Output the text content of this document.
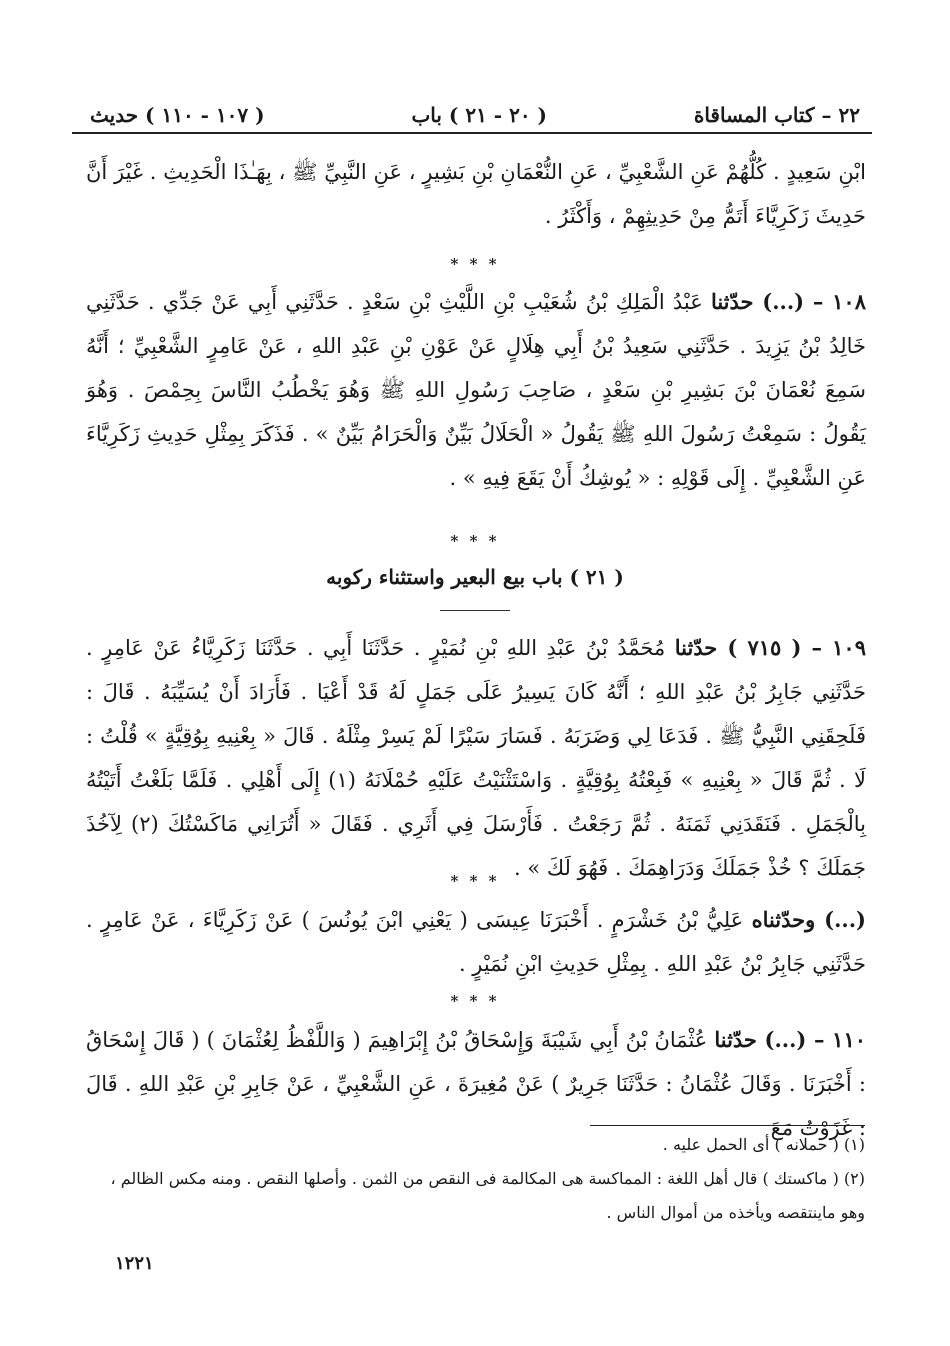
٢٢ – كتاب المساقاة
( ٢٠ - ٢١ ) باب
( ١٠٧ - ١١٠ ) حديث
ابْنِ سَعِيدٍ . كُلُّهُمْ عَنِ الشَّعْبِيِّ ، عَنِ النُّعْمَانِ بْنِ بَشِيرٍ ، عَنِ النَّبِيِّ ﷺ ، بِهَـٰذَا الْحَدِيثِ . غَيْرَ أَنَّ حَدِيثَ زَكَرِيَّاءَ أَتَمُّ مِنْ حَدِيثِهِمْ ، وَأَكْثَرُ .
* * *
١٠٨ – (...) حدّثنا عَبْدُ الْمَلِكِ بْنُ شُعَيْبِ بْنِ اللَّيْثِ بْنِ سَعْدٍ . حَدَّثَنِي أَبِي عَنْ جَدِّي . حَدَّثَنِي خَالِدُ بْنُ يَزِيدَ . حَدَّثَنِي سَعِيدُ بْنُ أَبِي هِلَالٍ عَنْ عَوْنِ بْنِ عَبْدِ اللهِ ، عَنْ عَامِرٍ الشَّعْبِيِّ ؛ أَنَّهُ سَمِعَ نُعْمَانَ بْنَ بَشِيرِ بْنِ سَعْدٍ ، صَاحِبَ رَسُولِ اللهِ ﷺ وَهُوَ يَخْطُبُ النَّاسَ بِحِمْصَ . وَهُوَ يَقُولُ : سَمِعْتُ رَسُولَ اللهِ ﷺ يَقُولُ « الْحَلَالُ بَيِّنٌ وَالْحَرَامُ بَيِّنٌ » . فَذَكَرَ بِمِثْلِ حَدِيثِ زَكَرِيَّاءَ عَنِ الشَّعْبِيِّ . إِلَى قَوْلِهِ : « يُوشِكُ أَنْ يَقَعَ فِيهِ » .
* * *
( ٢١ ) باب بيع البعير واستثناء ركوبه
١٠٩ – ( ٧١٥ ) حدّثنا مُحَمَّدُ بْنُ عَبْدِ اللهِ بْنِ نُمَيْرٍ . حَدَّثَنَا أَبِي . حَدَّثَنَا زَكَرِيَّاءُ عَنْ عَامِرٍ . حَدَّثَنِي جَابِرُ بْنُ عَبْدِ اللهِ ؛ أَنَّهُ كَانَ يَسِيرُ عَلَى جَمَلٍ لَهُ قَدْ أَعْيَا . فَأَرَادَ أَنْ يُسَيِّبَهُ . قَالَ : فَلَحِقَنِي النَّبِيُّ ﷺ . فَدَعَا لِي وَضَرَبَهُ . فَسَارَ سَيْرًا لَمْ يَسِرْ مِثْلَهُ . قَالَ « بِعْنِيهِ بِوُقِيَّةٍ » قُلْتُ : لَا . ثُمَّ قَالَ « بِعْنِيهِ » فَبِعْتُهُ بِوُقِيَّةٍ . وَاسْتَثْنَيْتُ عَلَيْهِ حُمْلَانَهُ (١) إِلَى أَهْلِي . فَلَمَّا بَلَغْتُ أَتَيْتُهُ بِالْجَمَلِ . فَنَقَدَنِي ثَمَنَهُ . ثُمَّ رَجَعْتُ . فَأَرْسَلَ فِي أَثَرِي . فَقَالَ « أَتُرَانِي مَاكَسْتُكَ (٢) لِآخُذَ جَمَلَكَ ؟ خُذْ جَمَلَكَ وَدَرَاهِمَكَ . فَهُوَ لَكَ » .
* * *
(...) وحدّثناه عَلِيُّ بْنُ خَشْرَمٍ . أَخْبَرَنَا عِيسَى ( يَعْنِي ابْنَ يُونُسَ ) عَنْ زَكَرِيَّاءَ ، عَنْ عَامِرٍ . حَدَّثَنِي جَابِرُ بْنُ عَبْدِ اللهِ . بِمِثْلِ حَدِيثِ ابْنِ نُمَيْرٍ .
* * *
١١٠ – (...) حدّثنا عُثْمَانُ بْنُ أَبِي شَيْبَةَ وَإِسْحَاقُ بْنُ إِبْرَاهِيمَ ( وَاللَّفْظُ لِعُثْمَانَ ) ( قَالَ إِسْحَاقُ : أَخْبَرَنَا . وَقَالَ عُثْمَانُ : حَدَّثَنَا جَرِيرٌ ) عَنْ مُغِيرَةَ ، عَنِ الشَّعْبِيِّ ، عَنْ جَابِرِ بْنِ عَبْدِ اللهِ . قَالَ : غَزَوْتُ مَعَ
(١) ( حملانه ) أى الحمل عليه .
(٢) ( ماكستك ) قال أهل اللغة : المماكسة هى المكالمة فى النقص من الثمن . وأصلها النقص . ومنه مكس الظالم ، وهو ماينتقصه ويأخذه من أموال الناس .
١٢٢١
